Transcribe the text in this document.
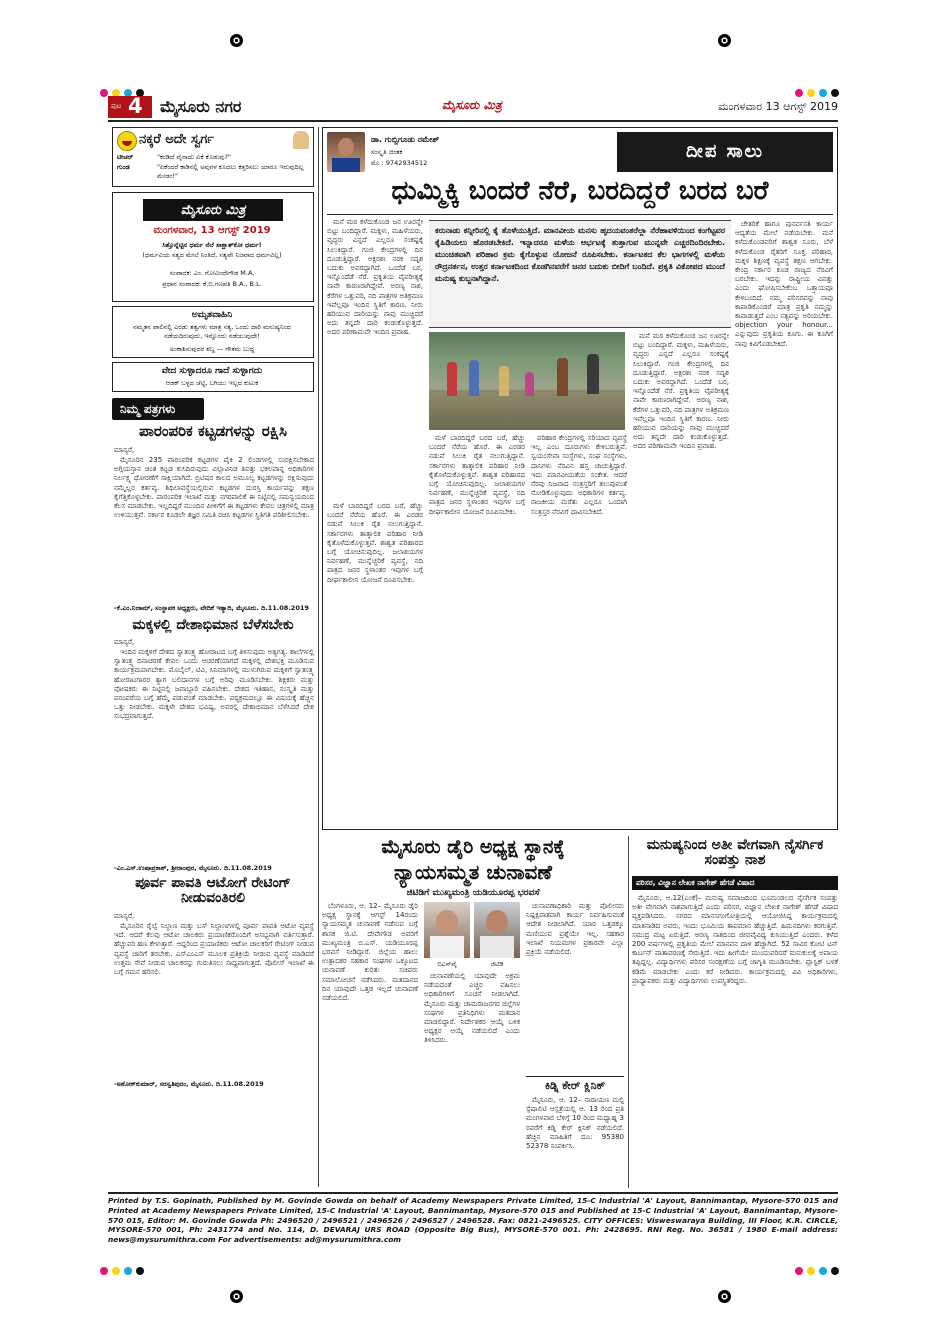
ಪುಟ 4 ಮೈಸೂರು ನಗರ	ಮೈಸೂರು ಮಿತ್ರ	ಮಂಗಳವಾರ 13 ಆಗಸ್ಟ್ 2019
ನಕ್ಕರೆ ಅದೇ ಸ್ವರ್ಗ
ಟೀಚರ್	"ಕಂಡಿದೆ ವೈನಾದು ಏಕೆ ಕೊಡುವು?"
ಗುಂಡ	"ಏಕೆಂದರೆ ಕಾಡಿನಲ್ಲಿ ಅವುಗಳ ಕೂದಲು ಕತ್ತರಿಸಲು ಯಾರೂ ಇರುವುದಿಲ್ಲ ಮೇಡಂ!"
ಮೈಸೂರು ಮಿತ್ರ
ಮಂಗಳವಾರ, 13 ಆಗಸ್ಟ್ 2019
ಸಿತ್ತೊನ್ನೆಟ್ಟಿನ ಧರ್ಮ ನೆಲೆ ಸಾಕ್ಷಾತ್‌ಕೋ ಧರ್ಮ!
(ಧರ್ಮವಿಯ ಸತ್ಯದ ಮೇಲೆ ನಿಂತಿದೆ, ಸತ್ಯವೇ ನಿಜವಾದ ಧರ್ಮವಿಲ್ಲ)
ಸಂಪಾದಕ: ಎಂ. ಗೋವಿಂದೇಗೌಡ M.A.
ಪ್ರಧಾನ ಸಂಪಾದಕ: ಕೆ.ಬಿ.ಗಣಪತಿ B.A., B.L.
ಅಮೃತವಾಹಿನಿ
ನಮ್ಮತನ ಪಾಲಿನಲ್ಲಿ ಎರಡು ತತ್ವಗಳು ಮಾತ್ರ ಸತ್ಯ, ಒಂದು ದಾರಿ ಮನುಷ್ಯನಿಂದ ನಡೆಯದಿರುವುದು, ಇನ್ನೊಂದು ನಡೆಯುವುದೇ!
ಅಂಕಾಶಿಸುವುದರ ಶಬ್ದ — ಗೌತಮ ಬುದ್ಧ
ವೇದ ಸುಳ್ಳಾದರೂ ಗಾದೆ ಸುಳ್ಳಾಗದು
ಆಡಕ್ ಬಳ್ಳದ ಚೆಟ್ಟಿ, ಬಗಿಯು ಇಲ್ಲದ ಕುಟುಕ
ನಿಮ್ಮ ಪತ್ರಗಳು
ಪಾರಂಪರಿಕ ಕಟ್ಟಡಗಳನ್ನು ರಕ್ಷಿಸಿ
ಮಾನ್ಯರೆ,

ಮೈಸೂರಿನ 235 ಪಾರಂಪರಿಕ ಕಟ್ಟಡಗಳ ಪೈಕಿ 2 ಲಿಂಡಗಳಲ್ಲಿ ಸಂರಕ್ಷಿಸಬೇಕಾದ ಅಗ್ಗಿಯಸ್ತಾನ ಚಿಂತ ಕಟ್ಟಡ ಕುಸಿದಿರುವುದು ವಿಲ್ಲಾವಿನಿಡ ತಿವತ್ತು ಭಕಲವಾನ್ನ ಅಧಿಕಾರಿಗಳ ನಿರ್ಲಕ್ಷ್ಯ ಧೋರಣೆಗೆ ಸಾಕ್ಷಿಯಾಗಿದೆ. ಬ್ರಿಟಿಷರ ಕಾಲದ ಅಮೂಲ್ಯ ಕಟ್ಟಡಗಳನ್ನು ರಕ್ಷಿಸುವುದು ನಮ್ಮೆಲ್ಲರ ಕರ್ತವ್ಯ. ಶಿಥಿಲಾವಸ್ಥೆಯಲ್ಲಿರುವ ಕಟ್ಟಡಗಳ ದುರಸ್ತಿ ಕಾರ್ಯವನ್ನು ತಕ್ಷಣ ಕೈಗೆತ್ತಿಕೊಳ್ಳಬೇಕು. ಪಾರಂಪರಿಕ ಇಲಾಖೆ ಮತ್ತು ನಗರಪಾಲಿಕೆ ಈ ನಿಟ್ಟಿನಲ್ಲಿ ಸಮನ್ವಯದಿಂದ ಕೆಲಸ ಮಾಡಬೇಕು. ಇಲ್ಲದಿದ್ದರೆ ಮುಂದಿನ ಪೀಳಿಗೆಗೆ ಈ ಕಟ್ಟಡಗಳು ಕೇವಲ ಚಿತ್ರಗಳಲ್ಲಿ ಮಾತ್ರ ಉಳಿಯುತ್ತವೆ. ಸರ್ಕಾರ ಕೂಡಲೇ ತಜ್ಞರ ಸಮಿತಿ ರಚಿಸಿ ಕಟ್ಟಡಗಳ ಸ್ಥಿತಿಗತಿ ಪರಿಶೀಲಿಸಬೇಕು.

-ಕೆ.ಎಂ.ನಿಜಾಮ್, ಸಂಸ್ಥಾಪಕ ಅಧ್ಯಕ್ಷರು, ವೇದಿಕೆ ಇತ್ಯಾದಿ, ಮೈಸೂರು. ದಿ.11.08.2019
ಮಕ್ಕಳಲ್ಲಿ ದೇಶಾಭಿಮಾನ ಬೆಳೆಸಬೇಕು
ಮಾನ್ಯರೆ,

ಇಂದಿನ ಮಕ್ಕಳಿಗೆ ದೇಶದ ಸ್ವಾತಂತ್ರ್ಯ ಹೋರಾಟದ ಬಗ್ಗೆ ತಿಳಿಸುವುದು ಅತ್ಯಗತ್ಯ. ಶಾಲೆಗಳಲ್ಲಿ ಸ್ವಾತಂತ್ರ್ಯ ದಿನಾಚರಣೆ ಕೇವಲ ಒಂದು ಆಚರಣೆಯಾಗದೆ ಮಕ್ಕಳಲ್ಲಿ ದೇಶಭಕ್ತಿ ಮೂಡಿಸುವ ಕಾರ್ಯಕ್ರಮವಾಗಬೇಕು. ಮೊಬೈಲ್, ಟಿವಿ, ಸಿನಿಮಾಗಳಲ್ಲಿ ಮುಳುಗಿರುವ ಮಕ್ಕಳಿಗೆ ಸ್ವಾತಂತ್ರ್ಯ ಹೋರಾಟಗಾರರ ತ್ಯಾಗ ಬಲಿದಾನಗಳ ಬಗ್ಗೆ ಅರಿವು ಮೂಡಿಸಬೇಕು. ಶಿಕ್ಷಕರು ಮತ್ತು ಪೋಷಕರು ಈ ನಿಟ್ಟಿನಲ್ಲಿ ಜವಾಬ್ದಾರಿ ವಹಿಸಬೇಕು. ದೇಶದ ಇತಿಹಾಸ, ಸಂಸ್ಕೃತಿ ಮತ್ತು ಪರಂಪರೆಯ ಬಗ್ಗೆ ಹೆಮ್ಮೆ ಪಡುವಂತೆ ಮಾಡಬೇಕು. ಪಠ್ಯಕ್ರಮದಲ್ಲೂ ಈ ವಿಷಯಕ್ಕೆ ಹೆಚ್ಚಿನ ಒತ್ತು ನೀಡಬೇಕು. ಮಕ್ಕಳೇ ದೇಶದ ಭವಿಷ್ಯ, ಅವರಲ್ಲಿ ದೇಶಾಭಿಮಾನ ಬೆಳೆಸಿದರೆ ದೇಶ ಸುಭದ್ರವಾಗುತ್ತದೆ.

-ಎಂ.ಎಸ್.ಉಷಾಪ್ರಕಾಶ್, ಶ್ರೀರಾಂಪುರ, ಮೈಸೂರು. ದಿ.11.08.2019
ಪೂರ್ವ ಪಾವತಿ ಆಟೋಗೆ ರೇಟಿಂಗ್ ನೀಡುವಂತಿರಲಿ
ಮಾನ್ಯರೆ,

ಮೈಸೂರಿನ ರೈಲ್ವೆ ನಿಲ್ದಾಣ ಮತ್ತು ಬಸ್ ನಿಲ್ದಾಣಗಳಲ್ಲಿ ಪೂರ್ವ ಪಾವತಿ ಆಟೋ ವ್ಯವಸ್ಥೆ ಇದೆ. ಆದರೆ ಕೆಲವು ಆಟೋ ಚಾಲಕರು ಪ್ರಯಾಣಿಕರೊಂದಿಗೆ ಅಸಭ್ಯವಾಗಿ ವರ್ತಿಸುತ್ತಾರೆ. ಹೆಚ್ಚುವರಿ ಹಣ ಕೇಳುತ್ತಾರೆ. ಆದ್ದರಿಂದ ಪ್ರಯಾಣಿಕರು ಆಟೋ ಚಾಲಕರಿಗೆ ರೇಟಿಂಗ್ ನೀಡುವ ವ್ಯವಸ್ಥೆ ಜಾರಿಗೆ ತರಬೇಕು. ಎಸ್‌ಎಂಎಸ್ ಮೂಲಕ ಪ್ರತಿಕ್ರಿಯೆ ನೀಡುವ ವ್ಯವಸ್ಥೆ ಮಾಡಿದರೆ ಉತ್ತಮ ಸೇವೆ ನೀಡುವ ಚಾಲಕರನ್ನು ಗುರುತಿಸಲು ಸಾಧ್ಯವಾಗುತ್ತದೆ. ಪೊಲೀಸ್ ಇಲಾಖೆ ಈ ಬಗ್ಗೆ ಗಮನ ಹರಿಸಲಿ.

-ಅಶೋಕ್‌ಕುಮಾರ್, ಸರಸ್ವತಿಪುರಂ, ಮೈಸೂರು. ದಿ.11.08.2019
ಡಾ. ಗುಬ್ಬಿಗೂಡು ರಮೇಶ್
ಸಂಸ್ಕೃತಿ ಚಿಂತಕ
ಮೊ : 9742934512
ದೀಪ ಸಾಲು
ಧುಮ್ಮಿಕ್ಕಿ ಬಂದರೆ ನೆರೆ, ಬರದಿದ್ದರೆ ಬರದ ಬರೆ

ಮನೆ ಮಠ ಕಳೆದುಕೊಂಡ ಜನ ಊರನ್ನೇ ಬಿಟ್ಟು ಬಂದಿದ್ದಾರೆ. ಮಕ್ಕಳು, ಮಹಿಳೆಯರು, ವೃದ್ಧರು ಎನ್ನದೆ ಎಲ್ಲರೂ ಸಂಕಷ್ಟಕ್ಕೆ ಸಿಲುಕಿದ್ದಾರೆ. ಗಂಜಿ ಕೇಂದ್ರಗಳಲ್ಲಿ ದಿನ ದೂಡುತ್ತಿದ್ದಾರೆ. ಅಕ್ಷರಶಃ ನರಕ ಸದೃಶ ಬದುಕು ಅವರದ್ದಾಗಿದೆ. ಒಂದೆಡೆ ಬರ, ಇನ್ನೊಂದೆಡೆ ನೆರೆ. ಪ್ರಕೃತಿಯ ವೈಪರೀತ್ಯಕ್ಕೆ ನಾವೇ ಕಾರಣರಾಗಿದ್ದೇವೆ. ಅರಣ್ಯ ನಾಶ, ಕೆರೆಗಳ ಒತ್ತುವರಿ, ನದಿ ಪಾತ್ರಗಳ ಅತಿಕ್ರಮಣ ಇವೆಲ್ಲವೂ ಇಂದಿನ ಸ್ಥಿತಿಗೆ ಕಾರಣ. ನೀರು ಹರಿಯುವ ದಾರಿಯನ್ನು ನಾವು ಮುಚ್ಚಿದರೆ ಅದು ತನ್ನದೇ ದಾರಿ ಕಂಡುಕೊಳ್ಳುತ್ತದೆ. ಅದರ ಪರಿಣಾಮವೇ ಇಂದಿನ ಪ್ರವಾಹ.

ಕರುನಾಡು ಕನ್ನೀರಿನಲ್ಲಿ ಕೈ ತೊಳೆಯುತ್ತಿದೆ. ಮಾನವೀಯ ಮನಸು ಹೃದಯವಂತರೆಲ್ಲಾ ನೆರೆಹಾವಳಿಯಿಂದ ಕಂಗೆಟ್ಟವರ ಕೈಹಿಡಿಯಲು ಹೊರಡಬೇಕಿದೆ. ಇನ್ನಾದರೂ ಮಳೆಯ ಆರ್ಭಟಕ್ಕೆ ತುತ್ತಾಗುವ ಮುನ್ನವೇ ಎಚ್ಚರದಿಂದಿರಬೇಕು. ಮುಂಚಿತವಾಗಿ ಪರಿಹಾರ ಕ್ರಮ ಕೈಗೊಳ್ಳುವ ಯೋಜನೆ ರೂಪಿಸಬೇಕು. ಕರ್ನಾಟಕದ ಕೆಲ ಭಾಗಗಳಲ್ಲಿ ಮಳೆಯ ರೌದ್ರನರ್ತನ, ಉತ್ತರ ಕರ್ನಾಟಕದಿಂದ ಕೊಡಗಿನವರೆಗೆ ಜನರ ಬದುಕು ಬೀದಿಗೆ ಬಂದಿದೆ. ಪ್ರಕೃತಿ ವಿಕೋಪದ ಮುಂದೆ ಮನುಷ್ಯ ಕುಬ್ಜನಾಗಿದ್ದಾನೆ.

ಮಳೆ ಬಾರದಿದ್ದರೆ ಬರದ ಬರೆ, ಹೆಚ್ಚು ಬಂದರೆ ನೆರೆಯ ಹೊರೆ. ಈ ಎರಡರ ನಡುವೆ ಸಿಲುಕಿ ರೈತ ನಲುಗುತ್ತಿದ್ದಾನೆ. ಸರ್ಕಾರಗಳು ತಾತ್ಕಾಲಿಕ ಪರಿಹಾರ ನೀಡಿ ಕೈತೊಳೆದುಕೊಳ್ಳುತ್ತವೆ. ಶಾಶ್ವತ ಪರಿಹಾರದ ಬಗ್ಗೆ ಯೋಚಿಸುವುದಿಲ್ಲ. ಜಲಾಶಯಗಳ ನಿರ್ವಹಣೆ, ಮುನ್ನೆಚ್ಚರಿಕೆ ವ್ಯವಸ್ಥೆ, ನದಿ ಪಾತ್ರದ ಜನರ ಸ್ಥಳಾಂತರ ಇವುಗಳ ಬಗ್ಗೆ ದೀರ್ಘಕಾಲೀನ ಯೋಜನೆ ರೂಪಿಸಬೇಕು.

ಪರಿಹಾರ ಕೇಂದ್ರಗಳಲ್ಲಿ ಸರಿಯಾದ ವ್ಯವಸ್ಥೆ ಇಲ್ಲ ಎಂಬ ದೂರುಗಳು ಕೇಳಿಬರುತ್ತಿವೆ. ಸ್ವಯಂಸೇವಾ ಸಂಸ್ಥೆಗಳು, ಸಂಘ ಸಂಸ್ಥೆಗಳು, ದಾನಿಗಳು ನೆರವಿನ ಹಸ್ತ ಚಾಚುತ್ತಿದ್ದಾರೆ. ಇದು ಮಾನವೀಯತೆಯ ಸಂಕೇತ. ಆದರೆ ನೆರವು ನಿಜವಾದ ಸಂತ್ರಸ್ತರಿಗೆ ತಲುಪುವಂತೆ ನೋಡಿಕೊಳ್ಳುವುದು ಅಧಿಕಾರಿಗಳ ಕರ್ತವ್ಯ. ರಾಜಕೀಯ ಮರೆತು ಎಲ್ಲರೂ ಒಂದಾಗಿ ಸಂತ್ರಸ್ತರ ನೆರವಿಗೆ ಧಾವಿಸಬೇಕಿದೆ.

ಮನೆ ಮಠ ಕಳೆದುಕೊಂಡ ಜನ ಊರನ್ನೇ ಬಿಟ್ಟು ಬಂದಿದ್ದಾರೆ. ಮಕ್ಕಳು, ಮಹಿಳೆಯರು, ವೃದ್ಧರು ಎನ್ನದೆ ಎಲ್ಲರೂ ಸಂಕಷ್ಟಕ್ಕೆ ಸಿಲುಕಿದ್ದಾರೆ. ಗಂಜಿ ಕೇಂದ್ರಗಳಲ್ಲಿ ದಿನ ದೂಡುತ್ತಿದ್ದಾರೆ. ಅಕ್ಷರಶಃ ನರಕ ಸದೃಶ ಬದುಕು ಅವರದ್ದಾಗಿದೆ. ಒಂದೆಡೆ ಬರ, ಇನ್ನೊಂದೆಡೆ ನೆರೆ. ಪ್ರಕೃತಿಯ ವೈಪರೀತ್ಯಕ್ಕೆ ನಾವೇ ಕಾರಣರಾಗಿದ್ದೇವೆ. ಅರಣ್ಯ ನಾಶ, ಕೆರೆಗಳ ಒತ್ತುವರಿ, ನದಿ ಪಾತ್ರಗಳ ಅತಿಕ್ರಮಣ ಇವೆಲ್ಲವೂ ಇಂದಿನ ಸ್ಥಿತಿಗೆ ಕಾರಣ. ನೀರು ಹರಿಯುವ ದಾರಿಯನ್ನು ನಾವು ಮುಚ್ಚಿದರೆ ಅದು ತನ್ನದೇ ದಾರಿ ಕಂಡುಕೊಳ್ಳುತ್ತದೆ. ಅದರ ಪರಿಣಾಮವೇ ಇಂದಿನ ಪ್ರವಾಹ.

ಚೇತರಿಕೆ ಹಾಗೂ ಪುನರ್ವಸತಿ ಕಾರ್ಯ ಆದ್ಯತೆಯ ಮೇಲೆ ನಡೆಯಬೇಕು. ಮನೆ ಕಳೆದುಕೊಂಡವರಿಗೆ ಶಾಶ್ವತ ಸೂರು, ಬೆಳೆ ಕಳೆದುಕೊಂಡ ರೈತರಿಗೆ ಸೂಕ್ತ ಪರಿಹಾರ, ಮಕ್ಕಳ ಶಿಕ್ಷಣಕ್ಕೆ ವ್ಯವಸ್ಥೆ ತಕ್ಷಣ ಆಗಬೇಕು. ಕೇಂದ್ರ ಸರ್ಕಾರ ಕೂಡ ರಾಜ್ಯದ ನೆರವಿಗೆ ಬರಬೇಕು. ಇದನ್ನು ರಾಷ್ಟ್ರೀಯ ವಿಪತ್ತು ಎಂದು ಘೋಷಿಸಬೇಕೆಂಬ ಒತ್ತಾಯವೂ ಕೇಳಿಬಂದಿದೆ. ನಮ್ಮ ಪರಿಸರವನ್ನು ನಾವು ಕಾಪಾಡಿಕೊಂಡರೆ ಮಾತ್ರ ಪ್ರಕೃತಿ ನಮ್ಮನ್ನು ಕಾಪಾಡುತ್ತದೆ ಎಂಬ ಸತ್ಯವನ್ನು ಅರಿಯಬೇಕು. objection your honour... ಎನ್ನುವುದು ಪ್ರಕೃತಿಯ ಕೂಗು. ಈ ಕೂಗಿಗೆ ನಾವು ಕಿವಿಗೊಡಬೇಕಿದೆ.

ಮಳೆ ಬಾರದಿದ್ದರೆ ಬರದ ಬರೆ, ಹೆಚ್ಚು ಬಂದರೆ ನೆರೆಯ ಹೊರೆ. ಈ ಎರಡರ ನಡುವೆ ಸಿಲುಕಿ ರೈತ ನಲುಗುತ್ತಿದ್ದಾನೆ. ಸರ್ಕಾರಗಳು ತಾತ್ಕಾಲಿಕ ಪರಿಹಾರ ನೀಡಿ ಕೈತೊಳೆದುಕೊಳ್ಳುತ್ತವೆ. ಶಾಶ್ವತ ಪರಿಹಾರದ ಬಗ್ಗೆ ಯೋಚಿಸುವುದಿಲ್ಲ. ಜಲಾಶಯಗಳ ನಿರ್ವಹಣೆ, ಮುನ್ನೆಚ್ಚರಿಕೆ ವ್ಯವಸ್ಥೆ, ನದಿ ಪಾತ್ರದ ಜನರ ಸ್ಥಳಾಂತರ ಇವುಗಳ ಬಗ್ಗೆ ದೀರ್ಘಕಾಲೀನ ಯೋಜನೆ ರೂಪಿಸಬೇಕು.

ಮೈಸೂರು ಡೈರಿ ಅಧ್ಯಕ್ಷ ಸ್ಥಾನಕ್ಕೆ
ನ್ಯಾಯಸಮ್ಮತ ಚುನಾವಣೆ
ಜಿಟಿಡಿಗೆ ಮುಖ್ಯಮಂತ್ರಿ ಯಡಿಯೂರಪ್ಪ ಭರವಸೆ

ಬೆಂಗಳೂರು, ಆ. 12– ಮೈಸೂರು ಡೈರಿ ಅಧ್ಯಕ್ಷ ಸ್ಥಾನಕ್ಕೆ ಆಗಸ್ಟ್ 14ರಂದು ನ್ಯಾಯಸಮ್ಮತ ಚುನಾವಣೆ ನಡೆಸುವ ಬಗ್ಗೆ ಶಾಸಕ ಜಿ.ಟಿ. ದೇವೇಗೌಡ ಅವರಿಗೆ ಮುಖ್ಯಮಂತ್ರಿ ಬಿ.ಎಸ್. ಯಡಿಯೂರಪ್ಪ ಭರವಸೆ ನೀಡಿದ್ದಾರೆ. ಜಿಲ್ಲೆಯ ಹಾಲು ಉತ್ಪಾದಕರ ಸಹಕಾರ ಸಂಘಗಳ ಒಕ್ಕೂಟದ ಚುನಾವಣೆ ಕುರಿತು ಸಚಿವರು ಸಮಾಲೋಚನೆ ನಡೆಸಿದರು. ಮತದಾನದ ದಿನ ಯಾವುದೇ ಒತ್ತಡ ಇಲ್ಲದೆ ಚುನಾವಣೆ ನಡೆಯಲಿದೆ.

ಬಿಎಸ್‌ವೈ	ಜಿಟಿಡಿ

ಚುನಾವಣೆಯಲ್ಲಿ ಯಾವುದೇ ಅಕ್ರಮ ನಡೆಯದಂತೆ ಎಚ್ಚರ ವಹಿಸಲು ಅಧಿಕಾರಿಗಳಿಗೆ ಸೂಚನೆ ನೀಡಲಾಗಿದೆ. ಮೈಸೂರು ಮತ್ತು ಚಾಮರಾಜನಗರ ಜಿಲ್ಲೆಗಳ ಸಂಘಗಳ ಪ್ರತಿನಿಧಿಗಳು ಮತದಾನ ಮಾಡಲಿದ್ದಾರೆ. ನಿರ್ದೇಶಕರ ಆಯ್ಕೆ ಬಳಿಕ ಅಧ್ಯಕ್ಷರ ಆಯ್ಕೆ ನಡೆಯಲಿದೆ ಎಂದು ತಿಳಿಸಿದರು.

ಚುನಾವಣಾಧಿಕಾರಿ ಮತ್ತು ಪೊಲೀಸರು ನಿಷ್ಪಕ್ಷಪಾತವಾಗಿ ಕಾರ್ಯ ನಿರ್ವಹಿಸುವಂತೆ ಆದೇಶ ನೀಡಲಾಗಿದೆ. ಯಾರ ಒತ್ತಡಕ್ಕೂ ಮಣಿಯುವ ಪ್ರಶ್ನೆಯೇ ಇಲ್ಲ. ಸಹಕಾರ ಇಲಾಖೆ ನಿಯಮಗಳ ಪ್ರಕಾರವೇ ಎಲ್ಲಾ ಪ್ರಕ್ರಿಯೆ ನಡೆಯಲಿದೆ.

ಕಿಡ್ನಿ ಕೇರ್ ಕ್ಲಿನಿಕ್

ಮೈಸೂರು, ಆ. 12– ನಾರಾಯಣ ಮಲ್ಟಿ ಸ್ಪೆಷಾಲಿಟಿ ಆಸ್ಪತ್ರೆಯಲ್ಲಿ ಆ. 13 ರಿಂದ ಪ್ರತಿ ಮಂಗಳವಾರ ಬೆಳಿಗ್ಗೆ 10 ರಿಂದ ಮಧ್ಯಾಹ್ನ 3 ರವರೆಗೆ ಕಿಡ್ನಿ ಕೇರ್ ಕ್ಲಿನಿಕ್ ನಡೆಯಲಿದೆ. ಹೆಚ್ಚಿನ ಮಾಹಿತಿಗೆ ದೂ: 95380 52378 ಸಂಪರ್ಕಿಸಿ.

ಮನುಷ್ಯನಿಂದ ಅತೀ ವೇಗವಾಗಿ ನೈಸರ್ಗಿಕ ಸಂಪತ್ತು ನಾಶ
ಪರಿಸರ, ವಿಜ್ಞಾನ ಲೇಖಕ ನಾಗೇಶ್ ಹೆಗಡೆ ವಿಷಾದ

ಮೈಸೂರು, ಆ.12(ಎಂಕೆ)– ಮನುಷ್ಯ ಸಮಾಜದಿಂದ ಭೂಮಂಡಲದ ನೈಸರ್ಗಿಕ ಸಂಪತ್ತು ಅತೀ ವೇಗವಾಗಿ ನಾಶವಾಗುತ್ತಿದೆ ಎಂದು ಪರಿಸರ, ವಿಜ್ಞಾನ ಲೇಖಕ ನಾಗೇಶ್ ಹೆಗಡೆ ವಿಷಾದ ವ್ಯಕ್ತಪಡಿಸಿದರು. ನಗರದ ಮಾನಸಗಂಗೋತ್ರಿಯಲ್ಲಿ ಆಯೋಜಿಸಿದ್ದ ಕಾರ್ಯಕ್ರಮದಲ್ಲಿ ಮಾತನಾಡಿದ ಅವರು, ಇಂದು ಭೂಮಿಯ ತಾಪಮಾನ ಹೆಚ್ಚುತ್ತಿದೆ. ಹಿಮನದಿಗಳು ಕರಗುತ್ತಿವೆ. ಸಮುದ್ರ ಮಟ್ಟ ಏರುತ್ತಿದೆ. ಅರಣ್ಯ ನಾಶದಿಂದ ಜೀವವೈವಿಧ್ಯ ಕುಸಿಯುತ್ತಿದೆ ಎಂದರು. ಕಳೆದ 200 ವರ್ಷಗಳಲ್ಲಿ ಪ್ರಕೃತಿಯ ಮೇಲೆ ಮಾನವನ ದಾಳಿ ಹೆಚ್ಚಾಗಿದೆ. 52 ಸಾವಿರ ಕೋಟಿ ಟನ್ ಕಾರ್ಬನ್ ವಾತಾವರಣಕ್ಕೆ ಸೇರುತ್ತಿದೆ. ಇದು ಹೀಗೆಯೇ ಮುಂದುವರಿದರೆ ಮನುಕುಲಕ್ಕೆ ಅಪಾಯ ತಪ್ಪಿದ್ದಲ್ಲ. ವಿದ್ಯಾರ್ಥಿಗಳು ಪರಿಸರ ಸಂರಕ್ಷಣೆಯ ಬಗ್ಗೆ ಜಾಗೃತಿ ಮೂಡಿಸಬೇಕು. ಪ್ಲಾಸ್ಟಿಕ್ ಬಳಕೆ ಕಡಿಮೆ ಮಾಡಬೇಕು ಎಂದು ಕರೆ ನೀಡಿದರು. ಕಾರ್ಯಕ್ರಮದಲ್ಲಿ ವಿವಿ ಅಧಿಕಾರಿಗಳು, ಪ್ರಾಧ್ಯಾಪಕರು ಮತ್ತು ವಿದ್ಯಾರ್ಥಿಗಳು ಉಪಸ್ಥಿತರಿದ್ದರು.

Printed by T.S. Gopinath, Published by M. Govinde Gowda on behalf of Academy Newspapers Private Limited, 15-C Industrial 'A' Layout, Bannimantap, Mysore-570 015 and Printed at Academy Newspapers Private Limited, 15-C Industrial 'A' Layout, Bannimantap, Mysore-570 015 and Published at 15-C Industrial 'A' Layout, Bannimantap, Mysore-570 015, Editor: M. Govinde Gowda Ph: 2496520 / 2496521 / 2496526 / 2496527 / 2496528. Fax: 0821-2496525. CITY OFFICES: Visweswaraya Building, III Floor, K.R. CIRCLE, MYSORE-570 001, Ph: 2431774 and No. 114, D. DEVARAJ URS ROAD (Opposite Big Bus), MYSORE-570 001. Ph: 2428695. RNI Reg. No. 36581 / 1980 E-mail address: news@mysurumithra.com For advertisements: ad@mysurumithra.com
